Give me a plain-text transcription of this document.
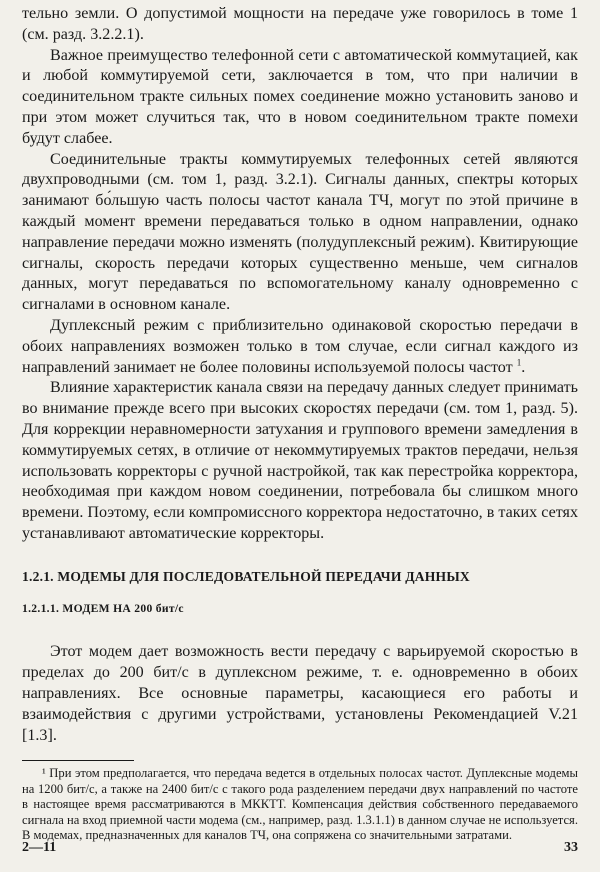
тельно земли. О допустимой мощности на передаче уже говорилось в томе 1 (см. разд. 3.2.2.1).

Важное преимущество телефонной сети с автоматической коммутацией, как и любой коммутируемой сети, заключается в том, что при наличии в соединительном тракте сильных помех соединение можно установить заново и при этом может случиться так, что в новом соединительном тракте помехи будут слабее.

Соединительные тракты коммутируемых телефонных сетей являются двухпроводными (см. том 1, разд. 3.2.1). Сигналы данных, спектры которых занимают бо́льшую часть полосы частот канала ТЧ, могут по этой причине в каждый момент времени передаваться только в одном направлении, однако направление передачи можно изменять (полудуплексный режим). Квитирующие сигналы, скорость передачи которых существенно меньше, чем сигналов данных, могут передаваться по вспомогательному каналу одновременно с сигналами в основном канале.

Дуплексный режим с приблизительно одинаковой скоростью передачи в обоих направлениях возможен только в том случае, если сигнал каждого из направлений занимает не более половины используемой полосы частот $^1$.

Влияние характеристик канала связи на передачу данных следует принимать во внимание прежде всего при высоких скоростях передачи (см. том 1, разд. 5). Для коррекции неравномерности затухания и группового времени замедления в коммутируемых сетях, в отличие от некоммутируемых трактов передачи, нельзя использовать корректоры с ручной настройкой, так как перестройка корректора, необходимая при каждом новом соединении, потребовала бы слишком много времени. Поэтому, если компромиссного корректора недостаточно, в таких сетях устанавливают автоматические корректоры.

1.2.1. МОДЕМЫ ДЛЯ ПОСЛЕДОВАТЕЛЬНОЙ ПЕРЕДАЧИ ДАННЫХ

1.2.1.1. МОДЕМ НА 200 бит/с

Этот модем дает возможность вести передачу с варьируемой скоростью в пределах до 200 бит/с в дуплексном режиме, т. е. одновременно в обоих направлениях. Все основные параметры, касающиеся его работы и взаимодействия с другими устройствами, установлены Рекомендацией V.21 [1.3].

¹ При этом предполагается, что передача ведется в отдельных полосах частот. Дуплексные модемы на 1200 бит/с, а также на 2400 бит/с с такого рода разделением передачи двух направлений по частоте в настоящее время рассматриваются в МККТТ. Компенсация действия собственного передаваемого сигнала на вход приемной части модема (см., например, разд. 1.3.1.1) в данном случае не используется. В модемах, предназначенных для каналов ТЧ, она сопряжена со значительными затратами.

2—11	33
